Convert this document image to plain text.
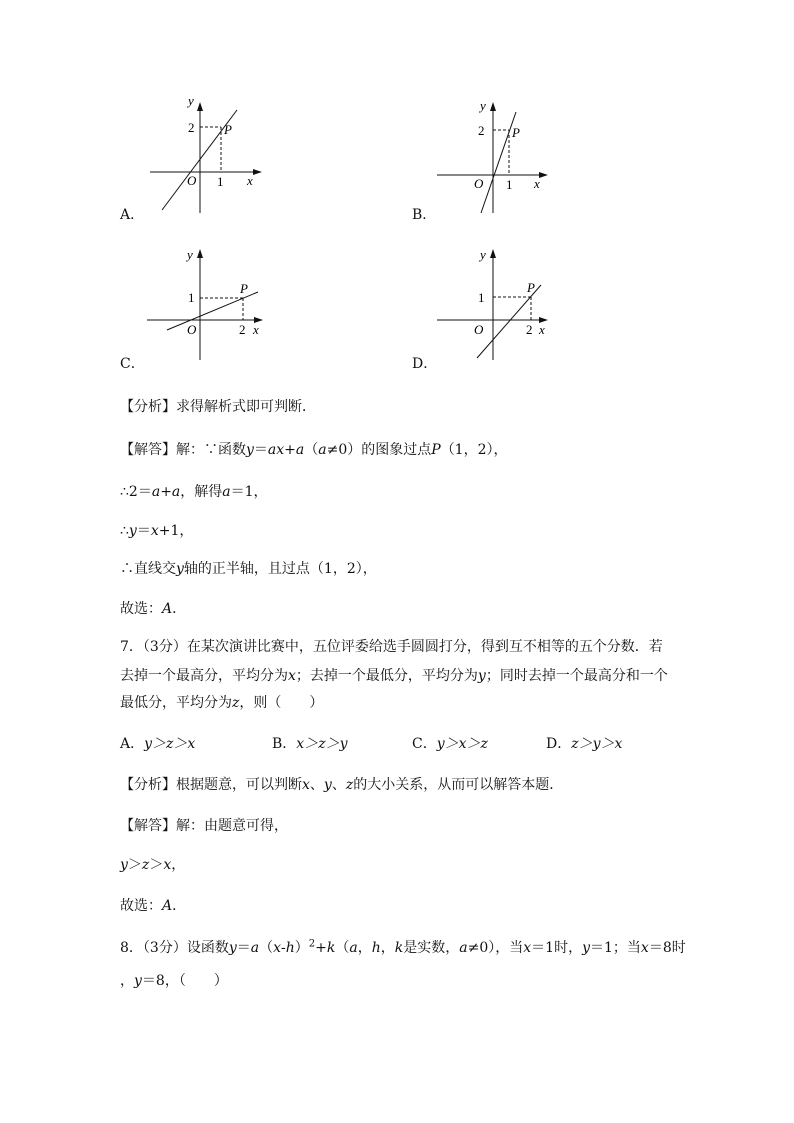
y
x
O
2
1
P
A．
y
x
O
2
1
P
B．
y
x
O
1
2
P
C．
y
x
O
1
2
P
D．
【分析】求得解析式即可判断．
【解答】解：∵函数y＝ax+a（a≠0）的图象过点P（1，2），
∴2＝a+a，解得a＝1，
∴y＝x+1，
∴直线交y轴的正半轴，且过点（1，2），
故选：A．
7．（3分）在某次演讲比赛中，五位评委给选手圆圆打分，得到互不相等的五个分数．若
去掉一个最高分，平均分为x；去掉一个最低分，平均分为y；同时去掉一个最高分和一个
最低分，平均分为z，则（　　）
A．y＞z＞x	B．x＞z＞y	C．y＞x＞z	D．z＞y＞x
【分析】根据题意，可以判断x、y、z的大小关系，从而可以解答本题．
【解答】解：由题意可得，
y＞z＞x，
故选：A．
8．（3分）设函数$y=a(x-h)^2+k(a$，h，k是实数，a≠0），当x＝1时，y＝1；当x＝8时
，y＝8，（　　）
